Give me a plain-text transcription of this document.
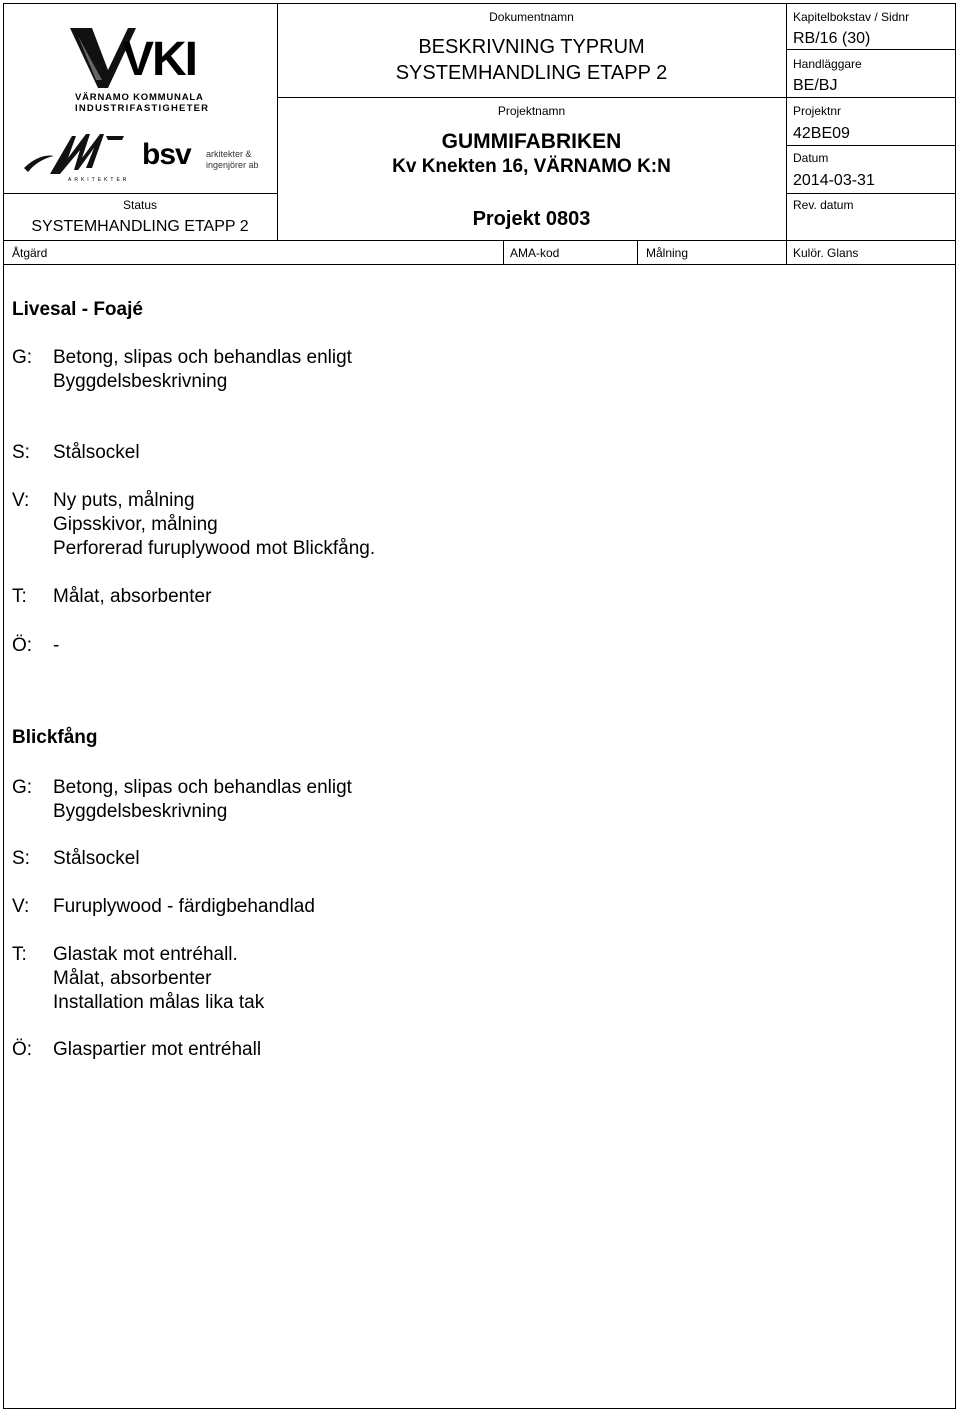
VKI
VÄRNAMO KOMMUNALA
INDUSTRIFASTIGHETER
ARKITEKTER
bsv arkitekter &
ingenjörer ab
Dokumentnamn
BESKRIVNING TYPRUM
SYSTEMHANDLING ETAPP 2
Projektnamn
GUMMIFABRIKEN
Kv Knekten 16, VÄRNAMO K:N
Projekt 0803
Status
SYSTEMHANDLING ETAPP 2
Kapitelbokstav / Sidnr
RB/16 (30)
Handläggare
BE/BJ
Projektnr
42BE09
Datum
2014-03-31
Rev. datum
Åtgärd	AMA-kod	Målning	Kulör. Glans
Livesal - Foajé
G:	Betong, slipas och behandlas enligt
Byggdelsbeskrivning
S:	Stålsockel
V:	Ny puts, målning
Gipsskivor, målning
Perforerad furuplywood mot Blickfång.
T:	Målat, absorbenter
Ö:	-
Blickfång
G:	Betong, slipas och behandlas enligt
Byggdelsbeskrivning
S:	Stålsockel
V:	Furuplywood - färdigbehandlad
T:	Glastak mot entréhall.
Målat, absorbenter
Installation målas lika tak
Ö:	Glaspartier mot entréhall
